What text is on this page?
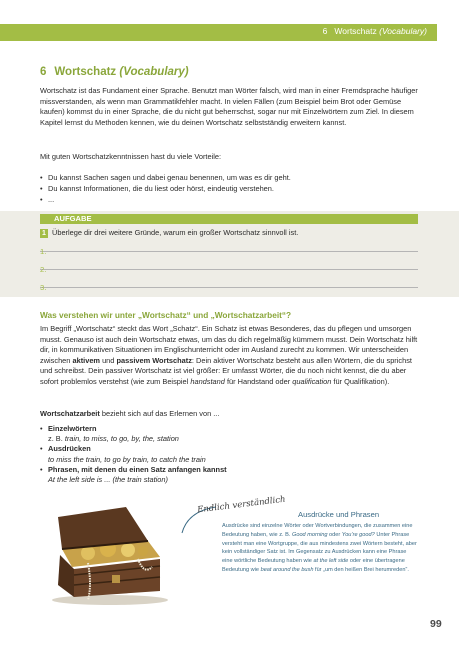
6 Wortschatz (Vocabulary)
6 Wortschatz (Vocabulary)

Wortschatz ist das Fundament einer Sprache. Benutzt man Wörter falsch, wird man in einer Fremdsprache häufiger missverstanden, als wenn man Grammatikfehler macht. In vielen Fällen (zum Beispiel beim Brot oder Gemüse kaufen) kommst du in einer Sprache, die du nicht gut beherrschst, sogar nur mit Einzelwörtern zum Ziel. In diesem Kapitel lernst du Methoden kennen, wie du deinen Wortschatz selbstständig erweitern kannst.

Mit guten Wortschatzkenntnissen hast du viele Vorteile:

• Du kannst Sachen sagen und dabei genau benennen, um was es dir geht.
• Du kannst Informationen, die du liest oder hörst, eindeutig verstehen.
• ...
AUFGABE
1 Überlege dir drei weitere Gründe, warum ein großer Wortschatz sinnvoll ist.
1.
2.
3.
Was verstehen wir unter „Wortschatz“ und „Wortschatzarbeit“?

Im Begriff „Wortschatz“ steckt das Wort „Schatz“. Ein Schatz ist etwas Besonderes, das du pflegen und umsorgen musst. Genauso ist auch dein Wortschatz etwas, um das du dich regelmäßig kümmern musst. Dein Wortschatz hilft dir, in kommunikativen Situationen im Englischunterricht oder im Ausland zurecht zu kommen. Wir unterscheiden zwischen aktivem und passivem Wortschatz: Dein aktiver Wortschatz besteht aus allen Wörtern, die du sprichst und schreibst. Dein passiver Wortschatz ist viel größer: Er umfasst Wörter, die du noch nicht kennst, die du aber sofort problemlos verstehst (wie zum Beispiel handstand für Handstand oder qualification für Qualifikation).

Wortschatzarbeit bezieht sich auf das Erlernen von ...

• Einzelwörtern
z. B. train, to miss, to go, by, the, station
• Ausdrücken
to miss the train, to go by train, to catch the train
• Phrasen, mit denen du einen Satz anfangen kannst
At the left side is ... (the train station)
Endlich verständlich Ausdrücke und Phrasen
Ausdrücke sind einzelne Wörter oder Wortverbindungen, die zusammen eine Bedeutung haben, wie z. B. Good morning oder You’re good? Unter Phrase versteht man eine Wortgruppe, die aus mindestens zwei Wörtern besteht, aber kein vollständiger Satz ist. Im Gegensatz zu Ausdrücken kann eine Phrase eine wörtliche Bedeutung haben wie at the left side oder eine übertragene Bedeutung wie beat around the bush für „um den heißen Brei herumreden“.
99
